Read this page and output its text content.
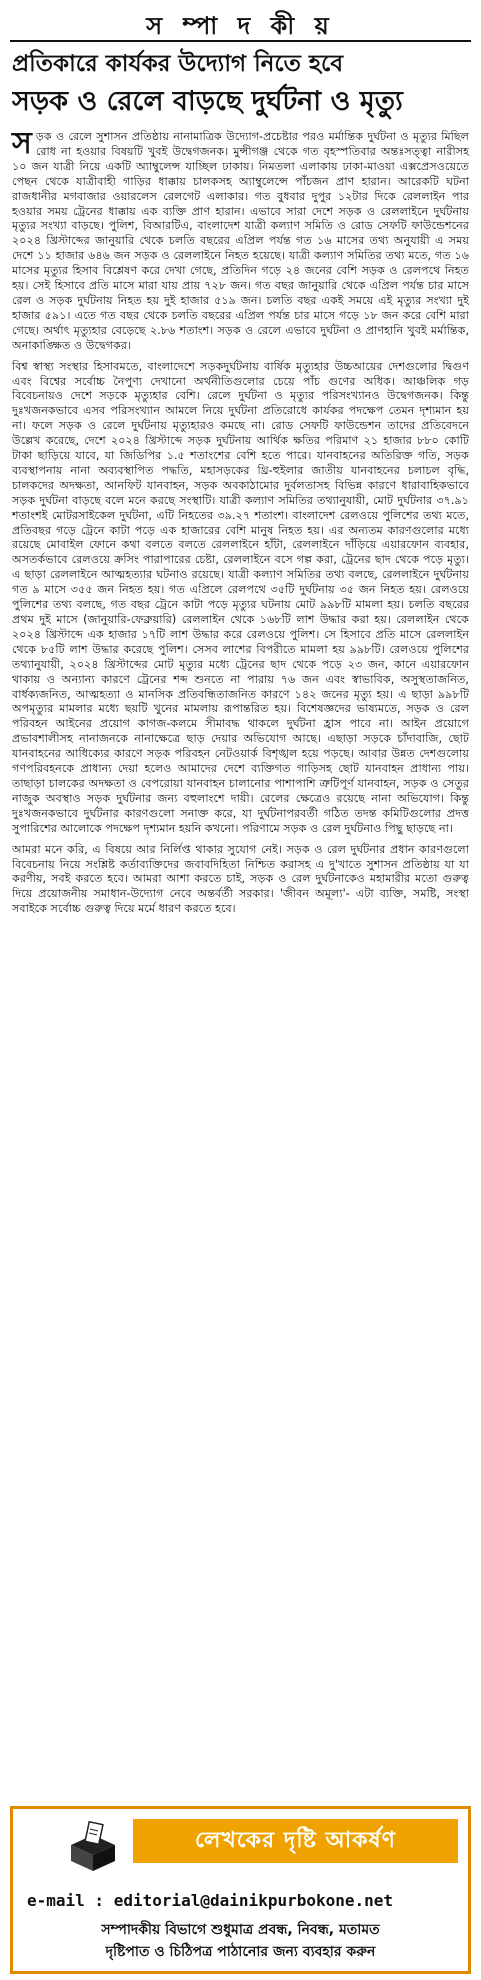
স ম্পা দ কী য়
প্রতিকারে কার্যকর উদ্যোগ নিতে হবে
সড়ক ও রেলে বাড়ছে দুর্ঘটনা ও মৃত্যু

সড়ক ও রেলে সুশাসন প্রতিষ্ঠায় নানামাত্রিক উদ্যোগ-প্রচেষ্টার পরও মর্মান্তিক দুর্ঘটনা ও মৃত্যুর মিছিল রোধ না হওয়ার বিষয়টি খুবই উদ্বেগজনক। মুন্সীগঞ্জ থেকে গত বৃহস্পতিবার অন্তঃসত্ত্বা নারীসহ ১০ জন যাত্রী নিয়ে একটি অ্যাম্বুলেন্স যাচ্ছিল ঢাকায়। নিমতলা এলাকায় ঢাকা-মাওয়া এক্সপ্রেসওয়েতে পেছন থেকে যাত্রীবাহী গাড়ির ধাক্কায় চালকসহ অ্যাম্বুলেন্সে পাঁচজন প্রাণ হারান। আরেকটি ঘটনা রাজধানীর মগবাজার ওয়ারলেস রেলগেট এলাকার। গত বুধবার দুপুর ১২টার দিকে রেললাইন পার হওয়ার সময় ট্রেনের ধাক্কায় এক ব্যক্তি প্রাণ হারান। এভাবে সারা দেশে সড়ক ও রেললাইনে দুর্ঘটনায় মৃত্যুর সংখ্যা বাড়ছে। পুলিশ, বিআরটিএ, বাংলাদেশ যাত্রী কল্যাণ সমিতি ও রোড সেফটি ফাউন্ডেশনের ২০২৪ খ্রিস্টাব্দের জানুয়ারি থেকে চলতি বছরের এপ্রিল পর্যন্ত গত ১৬ মাসের তথ্য অনুযায়ী এ সময় দেশে ১১ হাজার ৬৪৬ জন সড়ক ও রেললাইনে নিহত হয়েছে। যাত্রী কল্যাণ সমিতির তথ্য মতে, গত ১৬ মাসের মৃত্যুর হিসাব বিশ্লেষণ করে দেখা গেছে, প্রতিদিন গড়ে ২৪ জনের বেশি সড়ক ও রেলপথে নিহত হয়। সেই হিসাবে প্রতি মাসে মারা যায় প্রায় ৭২৮ জন। গত বছর জানুয়ারি থেকে এপ্রিল পর্যন্ত চার মাসে রেল ও সড়ক দুর্ঘটনায় নিহত হয় দুই হাজার ৫১৯ জন। চলতি বছর একই সময়ে এই মৃত্যুর সংখ্যা দুই হাজার ৫৯১। এতে গত বছর থেকে চলতি বছরের এপ্রিল পর্যন্ত চার মাসে গড়ে ১৮ জন করে বেশি মারা গেছে। অর্থাৎ মৃত্যুহার বেড়েছে ২.৮৬ শতাংশ। সড়ক ও রেলে এভাবে দুর্ঘটনা ও প্রাণহানি খুবই মর্মান্তিক, অনাকাঙ্ক্ষিত ও উদ্বেগকর।

বিশ্ব স্বাস্থ্য সংস্থার হিসাবমতে, বাংলাদেশে সড়কদুর্ঘটনায় বার্ষিক মৃত্যুহার উচ্চআয়ের দেশগুলোর দ্বিগুণ এবং বিশ্বের সর্বোচ্চ নৈপুণ্য দেখানো অর্থনীতিগুলোর চেয়ে পাঁচ গুণের অধিক। আঞ্চলিক গড় বিবেচনায়ও দেশে সড়কে মৃত্যুহার বেশি। রেলে দুর্ঘটনা ও মৃত্যুর পরিসংখ্যানও উদ্বেগজনক। কিন্তু দুঃখজনকভাবে এসব পরিসংখ্যান আমলে নিয়ে দুর্ঘটনা প্রতিরোধে কার্যকর পদক্ষেপ তেমন দৃশ্যমান হয় না। ফলে সড়ক ও রেলে দুর্ঘটনায় মৃত্যুহারও কমছে না। রোড সেফটি ফাউন্ডেশন তাদের প্রতিবেদনে উল্লেখ করেছে, দেশে ২০২৪ খ্রিস্টাব্দে সড়ক দুর্ঘটনায় আর্থিক ক্ষতির পরিমাণ ২১ হাজার ৮৮০ কোটি টাকা ছাড়িয়ে যাবে, যা জিডিপির ১.৫ শতাংশের বেশি হতে পারে। যানবাহনের অতিরিক্ত গতি, সড়ক ব্যবস্থাপনায় নানা অব্যবস্থাপিত পদ্ধতি, মহাসড়কের থ্রি-হুইলার জাতীয় যানবাহনের চলাচল বৃদ্ধি, চালকদের অদক্ষতা, আনফিট যানবাহন, সড়ক অবকাঠামোর দুর্বলতাসহ বিভিন্ন কারণে ধারাবাহিকভাবে সড়ক দুর্ঘটনা বাড়ছে বলে মনে করছে সংস্থাটি। যাত্রী কল্যাণ সমিতির তথ্যানুযায়ী, মোট দুর্ঘটনার ৩৭.৯১ শতাংশই মোটরসাইকেল দুর্ঘটনা, এটি নিহতের ৩৯.২৭ শতাংশ। বাংলাদেশ রেলওয়ে পুলিশের তথ্য মতে, প্রতিবছর গড়ে ট্রেনে কাটা পড়ে এক হাজারের বেশি মানুষ নিহত হয়। এর অন্যতম কারণগুলোর মধ্যে রয়েছে মোবাইল ফোনে কথা বলতে বলতে রেললাইনে হাঁটা, রেললাইনে দাঁড়িয়ে এয়ারফোন ব্যবহার, অসতর্কভাবে রেলওয়ে ক্রসিং পারাপারের চেষ্টা, রেললাইনে বসে গল্প করা, ট্রেনের ছাদ থেকে পড়ে মৃত্যু। এ ছাড়া রেললাইনে আত্মহত্যার ঘটনাও রয়েছে। যাত্রী কল্যাণ সমিতির তথ্য বলছে, রেললাইনে দুর্ঘটনায় গত ৯ মাসে ৩৫৫ জন নিহত হয়। গত এপ্রিলে রেলপথে ৩৫টি দুর্ঘটনায় ৩৫ জন নিহত হয়। রেলওয়ে পুলিশের তথ্য বলছে, গত বছর ট্রেনে কাটা পড়ে মৃত্যুর ঘটনায় মোট ৯৯৮টি মামলা হয়। চলতি বছরের প্রথম দুই মাসে (জানুয়ারি-ফেব্রুয়ারি) রেললাইন থেকে ১৬৮টি লাশ উদ্ধার করা হয়। রেললাইন থেকে ২০২৪ খ্রিস্টাব্দে এক হাজার ১৭টি লাশ উদ্ধার করে রেলওয়ে পুলিশ। সে হিসাবে প্রতি মাসে রেললাইন থেকে ৮৫টি লাশ উদ্ধার করেছে পুলিশ। সেসব লাশের বিপরীতে মামলা হয় ৯৯৮টি। রেলওয়ে পুলিশের তথ্যানুযায়ী, ২০২৪ খ্রিস্টাব্দের মোট মৃত্যুর মধ্যে ট্রেনের ছাদ থেকে পড়ে ২৩ জন, কানে এয়ারফোন থাকায় ও অন্যান্য কারণে ট্রেনের শব্দ শুনতে না পারায় ৭৬ জন এবং স্বাভাবিক, অসুস্থতাজনিত, বার্ধক্যজনিত, আত্মহত্যা ও মানসিক প্রতিবন্ধিতাজনিত কারণে ১৪২ জনের মৃত্যু হয়। এ ছাড়া ৯৯৮টি অপমৃত্যুর মামলার মধ্যে ছয়টি খুনের মামলায় রূপান্তরিত হয়। বিশেষজ্ঞদের ভাষ্যমতে, সড়ক ও রেল পরিবহন আইনের প্রয়োগ কাগজ-কলমে সীমাবদ্ধ থাকলে দুর্ঘটনা হ্রাস পাবে না। আইন প্রয়োগে প্রভাবশালীসহ নানাজনকে নানাক্ষেত্রে ছাড় দেয়ার অভিযোগ আছে। এছাড়া সড়কে চাঁদাবাজি, ছোট যানবাহনের আধিক্যের কারণে সড়ক পরিবহন নেটওয়ার্ক বিশৃঙ্খল হয়ে পড়ছে। আবার উন্নত দেশগুলোয় গণপরিবহনকে প্রাধান্য দেয়া হলেও আমাদের দেশে ব্যক্তিগত গাড়িসহ ছোট যানবাহন প্রাধান্য পায়। তাছাড়া চালকের অদক্ষতা ও বেপরোয়া যানবাহন চালানোর পাশাপাশি ত্রুটিপূর্ণ যানবাহন, সড়ক ও সেতুর নাজুক অবস্থাও সড়ক দুর্ঘটনার জন্য বহুলাংশে দায়ী। রেলের ক্ষেত্রেও রয়েছে নানা অভিযোগ। কিন্তু দুঃখজনকভাবে দুর্ঘটনার কারণগুলো সনাক্ত করে, যা দুর্ঘটনাপরবর্তী গঠিত তদন্ত কমিটিগুলোর প্রদত্ত সুপারিশের আলোকে পদক্ষেপ দৃশ্যমান হয়নি কখনো। পরিণামে সড়ক ও রেল দুর্ঘটনাও পিছু ছাড়ছে না।

আমরা মনে করি, এ বিষয়ে আর নির্লিপ্ত থাকার সুযোগ নেই। সড়ক ও রেল দুর্ঘটনার প্রধান কারণগুলো বিবেচনায় নিয়ে সংশ্লিষ্ট কর্তাব্যক্তিদের জবাবদিহিতা নিশ্চিত করাসহ এ দু'খাতে সুশাসন প্রতিষ্ঠায় যা যা করণীয়, সবই করতে হবে। আমরা আশা করতে চাই, সড়ক ও রেল দুর্ঘটনাকেও মহামারীর মতো গুরুত্ব দিয়ে প্রয়োজনীয় সমাধান-উদ্যোগ নেবে অন্তর্বর্তী সরকার। 'জীবন অমূল্য'- এটা ব্যক্তি, সমষ্টি, সংস্থা সবাইকে সর্বোচ্চ গুরুত্ব দিয়ে মর্মে ধারণ করতে হবে।

লেখকের দৃষ্টি আকর্ষণ
e-mail : editorial@dainikpurbokone.net
সম্পাদকীয় বিভাগে শুধুমাত্র প্রবন্ধ, নিবন্ধ, মতামত
দৃষ্টিপাত ও চিঠিপত্র পাঠানোর জন্য ব্যবহার করুন
